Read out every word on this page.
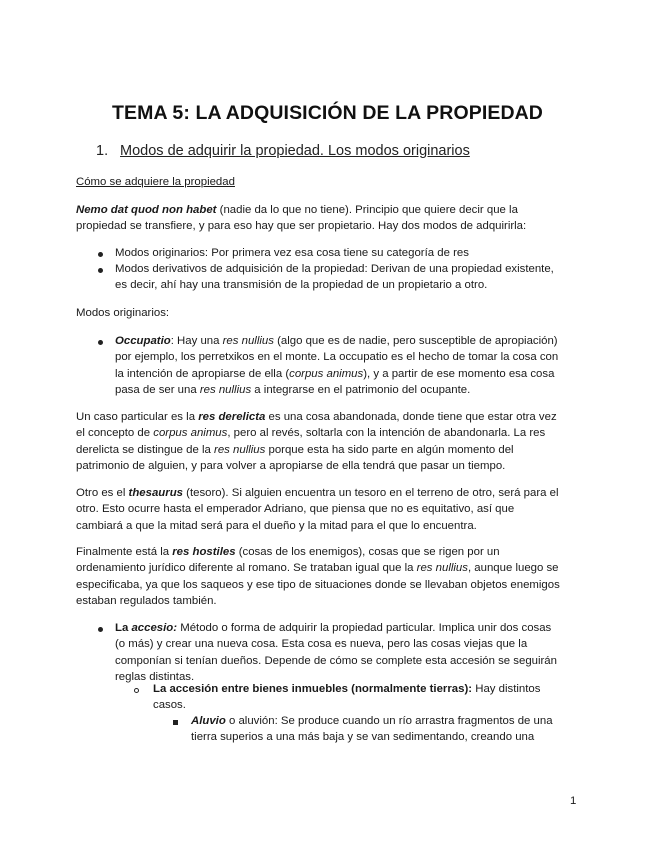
TEMA 5: LA ADQUISICIÓN DE LA PROPIEDAD
1. Modos de adquirir la propiedad. Los modos originarios
Cómo se adquiere la propiedad
Nemo dat quod non habet (nadie da lo que no tiene). Principio que quiere decir que la
propiedad se transfiere, y para eso hay que ser propietario. Hay dos modos de adquirirla:
Modos originarios: Por primera vez esa cosa tiene su categoría de res
Modos derivativos de adquisición de la propiedad: Derivan de una propiedad existente,
es decir, ahí hay una transmisión de la propiedad de un propietario a otro.
Modos originarios:
Occupatio: Hay una res nullius (algo que es de nadie, pero susceptible de apropiación)
por ejemplo, los perretxikos en el monte. La occupatio es el hecho de tomar la cosa con
la intención de apropiarse de ella (corpus animus), y a partir de ese momento esa cosa
pasa de ser una res nullius a integrarse en el patrimonio del ocupante.
Un caso particular es la res derelicta es una cosa abandonada, donde tiene que estar otra vez
el concepto de corpus animus, pero al revés, soltarla con la intención de abandonarla. La res
derelicta se distingue de la res nullius porque esta ha sido parte en algún momento del
patrimonio de alguien, y para volver a apropiarse de ella tendrá que pasar un tiempo.
Otro es el thesaurus (tesoro). Si alguien encuentra un tesoro en el terreno de otro, será para el
otro. Esto ocurre hasta el emperador Adriano, que piensa que no es equitativo, así que
cambiará a que la mitad será para el dueño y la mitad para el que lo encuentra.
Finalmente está la res hostiles (cosas de los enemigos), cosas que se rigen por un
ordenamiento jurídico diferente al romano. Se trataban igual que la res nullius, aunque luego se
especificaba, ya que los saqueos y ese tipo de situaciones donde se llevaban objetos enemigos
estaban regulados también.
La accesio: Método o forma de adquirir la propiedad particular. Implica unir dos cosas
(o más) y crear una nueva cosa. Esta cosa es nueva, pero las cosas viejas que la
componían si tenían dueños. Depende de cómo se complete esta accesión se seguirán
reglas distintas.
La accesión entre bienes inmuebles (normalmente tierras): Hay distintos
casos.
Aluvio o aluvión: Se produce cuando un río arrastra fragmentos de una
tierra superios a una más baja y se van sedimentando, creando una
1
